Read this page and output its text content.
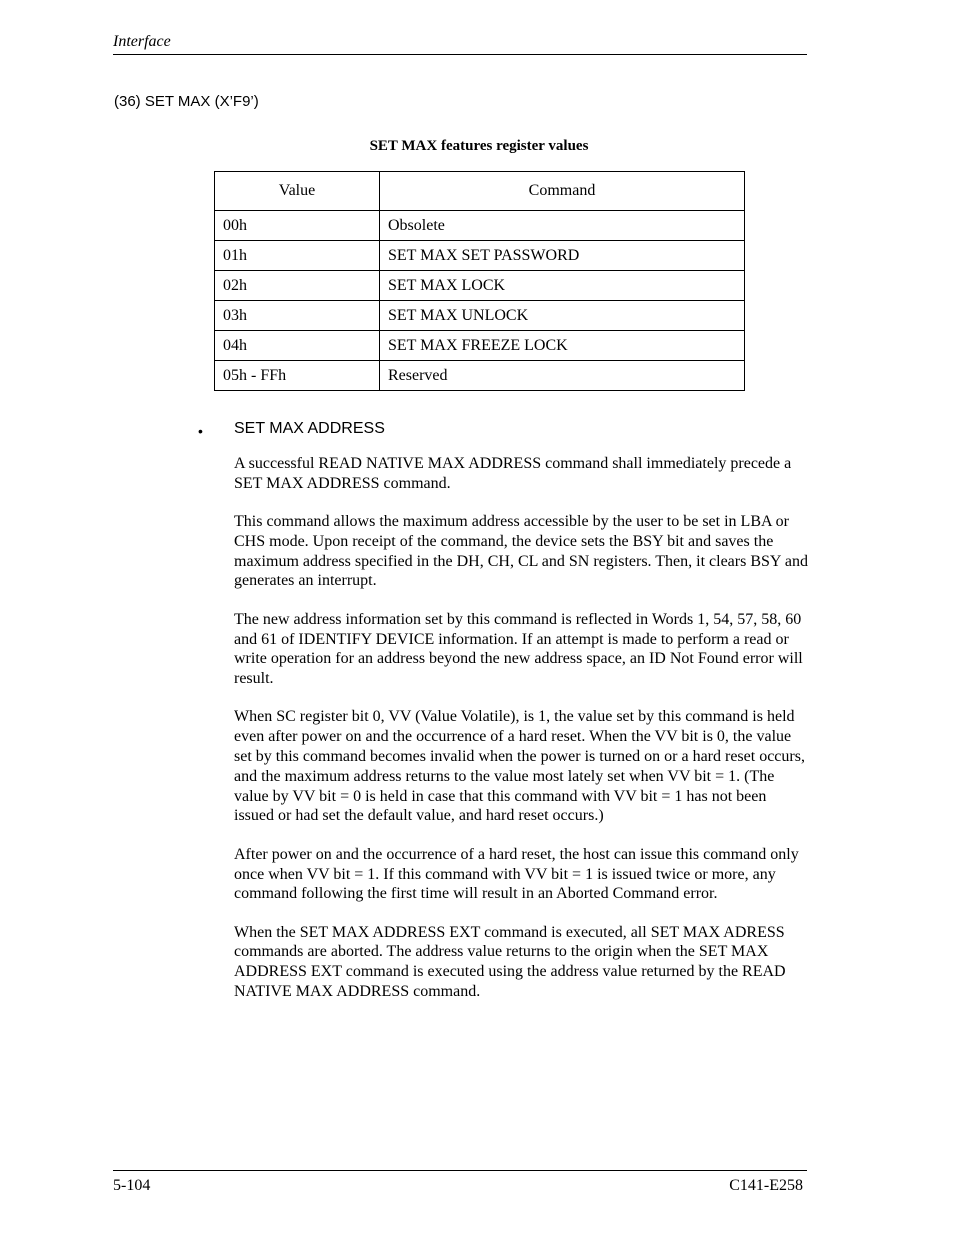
Interface
(36) SET MAX (X’F9’)
SET MAX features register values
Value	Command
00h	Obsolete
01h	SET MAX SET PASSWORD
02h	SET MAX LOCK
03h	SET MAX UNLOCK
04h	SET MAX FREEZE LOCK
05h - FFh	Reserved
• SET MAX ADDRESS

A successful READ NATIVE MAX ADDRESS command shall immediately precede a SET MAX ADDRESS command.

This command allows the maximum address accessible by the user to be set in LBA or CHS mode. Upon receipt of the command, the device sets the BSY bit and saves the maximum address specified in the DH, CH, CL and SN registers. Then, it clears BSY and generates an interrupt.

The new address information set by this command is reflected in Words 1, 54, 57, 58, 60 and 61 of IDENTIFY DEVICE information. If an attempt is made to perform a read or write operation for an address beyond the new address space, an ID Not Found error will result.

When SC register bit 0, VV (Value Volatile), is 1, the value set by this command is held even after power on and the occurrence of a hard reset. When the VV bit is 0, the value set by this command becomes invalid when the power is turned on or a hard reset occurs, and the maximum address returns to the value most lately set when VV bit = 1. (The value by VV bit = 0 is held in case that this command with VV bit = 1 has not been issued or had set the default value, and hard reset occurs.)

After power on and the occurrence of a hard reset, the host can issue this command only once when VV bit = 1. If this command with VV bit = 1 is issued twice or more, any command following the first time will result in an Aborted Command error.

When the SET MAX ADDRESS EXT command is executed, all SET MAX ADRESS commands are aborted. The address value returns to the origin when the SET MAX ADDRESS EXT command is executed using the address value returned by the READ NATIVE MAX ADDRESS command.

5-104	C141-E258
